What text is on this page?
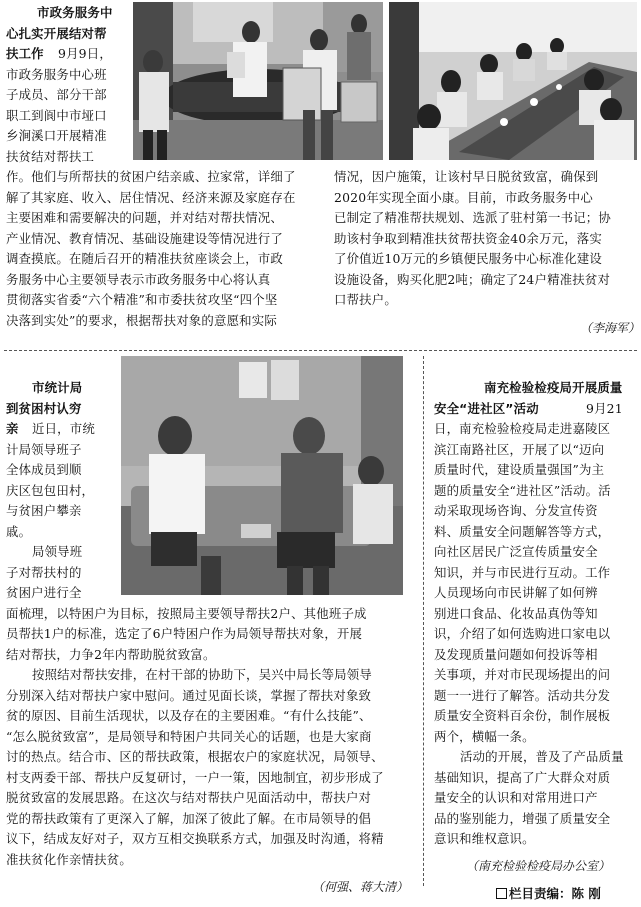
市政务服务中
心扎实开展结对帮
扶工作 9月9日，
市政务服务中心班
子成员、部分干部
职工到阆中市垭口
乡涧溪口开展精准
扶贫结对帮扶工
作。他们与所帮扶的贫困户结亲戚、拉家常，详细了
解了其家庭、收入、居住情况、经济来源及家庭存在
主要困难和需要解决的问题，并对结对帮扶情况、
产业情况、教育情况、基础设施建设等情况进行了
调查摸底。在随后召开的精准扶贫座谈会上，市政
务服务中心主要领导表示市政务服务中心将认真
贯彻落实省委“六个精准”和市委扶贫攻坚“四个坚
决落到实处”的要求，根据帮扶对象的意愿和实际
情况，因户施策，让该村早日脱贫致富，确保到
2020年实现全面小康。目前，市政务服务中心
已制定了精准帮扶规划、选派了驻村第一书记；协
助该村争取到精准扶贫帮扶资金40余万元，落实
了价值近10万元的乡镇便民服务中心标准化建设
设施设备，购买化肥2吨；确定了24户精准扶贫对
口帮扶户。
（李海军）
市统计局
到贫困村认穷
亲 近日，市统
计局领导班子
全体成员到顺
庆区包包田村，
与贫困户攀亲
戚。
局领导班
子对帮扶村的
贫困户进行全
面梳理，以特困户为目标，按照局主要领导帮扶2户、其他班子成
员帮扶1户的标准，选定了6户特困户作为局领导帮扶对象，开展
结对帮扶，力争2年内帮助脱贫致富。
按照结对帮扶安排，在村干部的协助下，吴兴中局长等局领导
分别深入结对帮扶户家中慰问。通过见面长谈，掌握了帮扶对象致
贫的原因、目前生活现状，以及存在的主要困难。“有什么技能”、
“怎么脱贫致富”，是局领导和特困户共同关心的话题，也是大家商
讨的热点。结合市、区的帮扶政策，根据农户的家庭状况，局领导、
村支两委干部、帮扶户反复研讨，一户一策，因地制宜，初步形成了
脱贫致富的发展思路。在这次与结对帮扶户见面活动中，帮扶户对
党的帮扶政策有了更深入了解，加深了彼此了解。在市局领导的倡
议下，结成友好对子，双方互相交换联系方式，加强及时沟通，将精
准扶贫化作亲情扶贫。
（何强、蒋大清）
南充检验检疫局开展质量
安全“进社区”活动	9月21
日，南充检验检疫局走进嘉陵区
滨江南路社区，开展了以“迈向
质量时代，建设质量强国”为主
题的质量安全“进社区”活动。活
动采取现场咨询、分发宣传资
料、质量安全问题解答等方式，
向社区居民广泛宣传质量安全
知识，并与市民进行互动。工作
人员现场向市民讲解了如何辨
别进口食品、化妆品真伪等知
识，介绍了如何选购进口家电以
及发现质量问题如何投诉等相
关事项，并对市民现场提出的问
题一一进行了解答。活动共分发
质量安全资料百余份，制作展板
两个，横幅一条。
活动的开展，普及了产品质量
基础知识，提高了广大群众对质
量安全的认识和对常用进口产
品的鉴别能力，增强了质量安全
意识和维权意识。
（南充检验检疫局办公室）
栏目责编：陈 刚
